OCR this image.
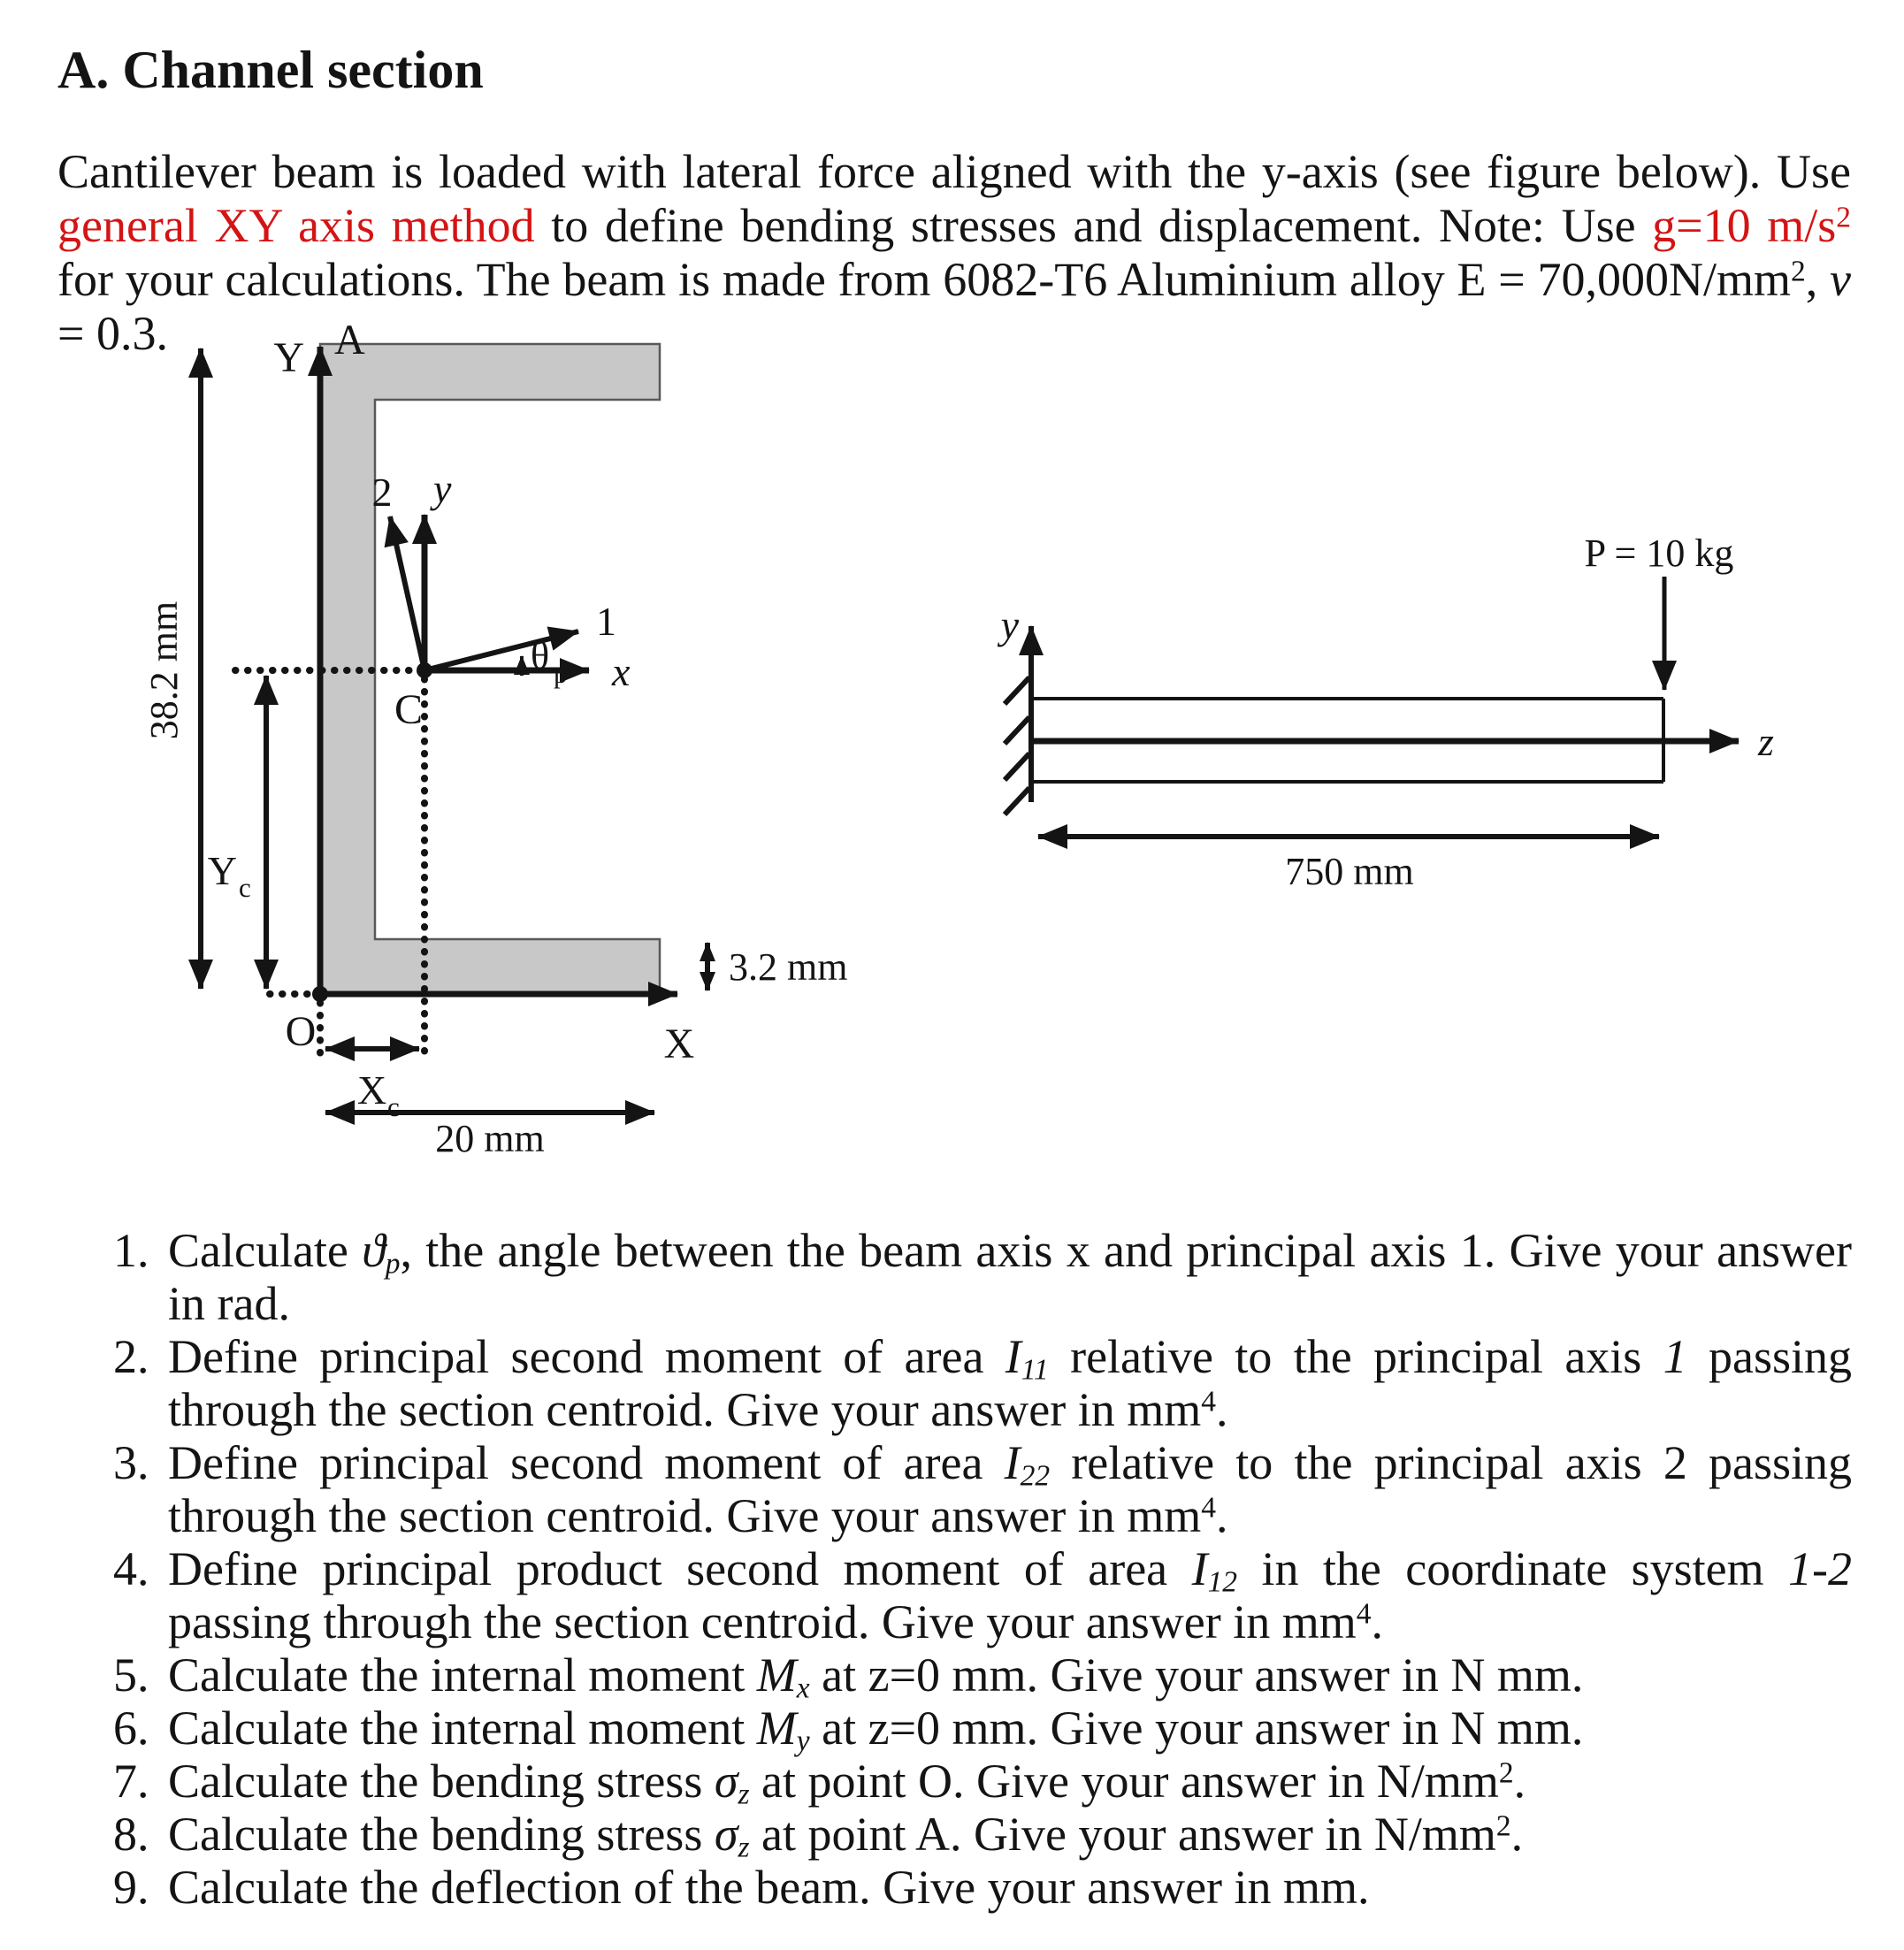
A. Channel section

Cantilever beam is loaded with lateral force aligned with the y-axis (see figure below). Use general XY axis method to define bending stresses and displacement. Note: Use g=10 $m/s^2$ for your calculations. The beam is made from 6082-T6 Aluminium alloy $E = 70,000N/mm^2$, ν = 0.3.	Y A
X
O
C
x
y
1
2
θ p
38.2 mm
Y c
X c
20 mm
3.2 mm
P = 10 kg
y
z
750 mm
1. Calculate ϑp, the angle between the beam axis x and principal axis 1. Give your answer in rad.
2. Define principal second moment of area I11 relative to the principal axis 1 passing through the section centroid. Give your answer in $mm^4$.
3. Define principal second moment of area I22 relative to the principal axis 2 passing through the section centroid. Give your answer in $mm^4$.
4. Define principal product second moment of area I12 in the coordinate system 1-2 passing through the section centroid. Give your answer in $mm^4$.
5. Calculate the internal moment Mx at z=0 mm. Give your answer in N mm.
6. Calculate the internal moment My at z=0 mm. Give your answer in N mm.
7. Calculate the bending stress σz at point O. Give your answer in $N/mm^2$.
8. Calculate the bending stress σz at point A. Give your answer in $N/mm^2$.
9. Calculate the deflection of the beam. Give your answer in mm.
